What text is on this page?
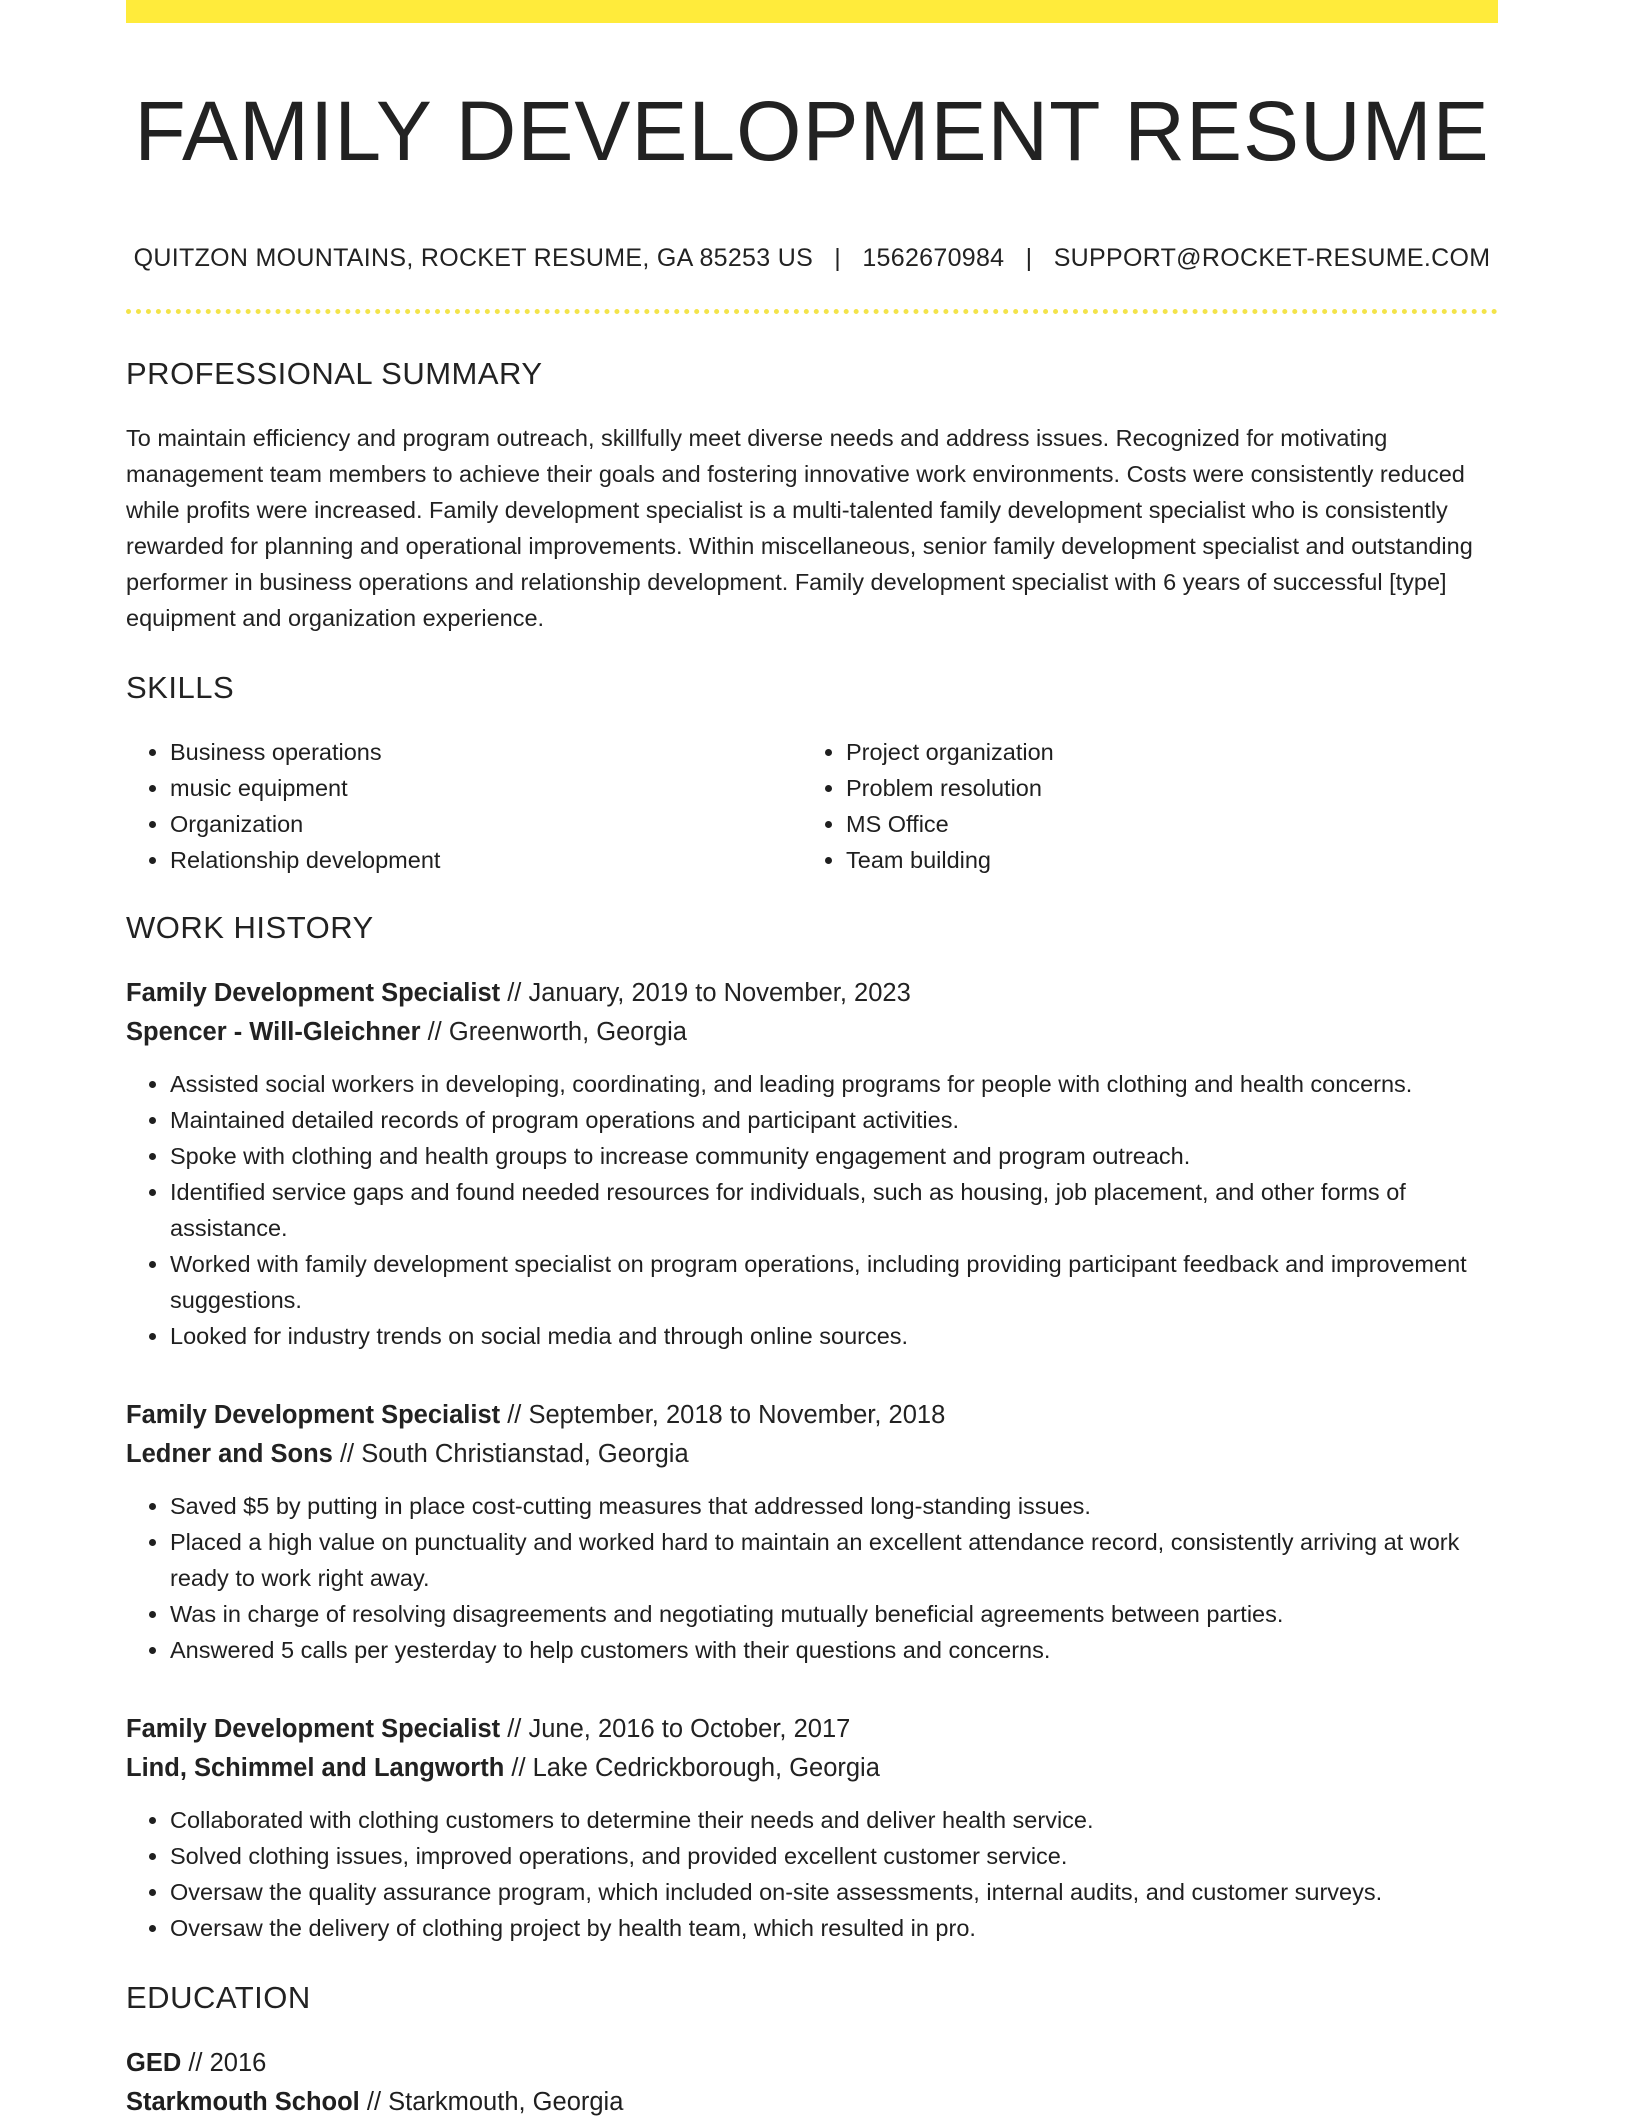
FAMILY DEVELOPMENT RESUME
QUITZON MOUNTAINS, ROCKET RESUME, GA 85253 US | 1562670984 | SUPPORT@ROCKET-RESUME.COM
PROFESSIONAL SUMMARY

To maintain efficiency and program outreach, skillfully meet diverse needs and address issues. Recognized for motivating management team members to achieve their goals and fostering innovative work environments. Costs were consistently reduced while profits were increased. Family development specialist is a multi-talented family development specialist who is consistently rewarded for planning and operational improvements. Within miscellaneous, senior family development specialist and outstanding performer in business operations and relationship development. Family development specialist with 6 years of successful [type] equipment and organization experience.

SKILLS
• Business operations
• music equipment
• Organization
• Relationship development
• Project organization
• Problem resolution
• MS Office
• Team building
WORK HISTORY
Family Development Specialist // January, 2019 to November, 2023
Spencer - Will-Gleichner // Greenworth, Georgia
• Assisted social workers in developing, coordinating, and leading programs for people with clothing and health concerns.
• Maintained detailed records of program operations and participant activities.
• Spoke with clothing and health groups to increase community engagement and program outreach.
• Identified service gaps and found needed resources for individuals, such as housing, job placement, and other forms of assistance.
• Worked with family development specialist on program operations, including providing participant feedback and improvement suggestions.
• Looked for industry trends on social media and through online sources.
Family Development Specialist // September, 2018 to November, 2018
Ledner and Sons // South Christianstad, Georgia
• Saved $5 by putting in place cost-cutting measures that addressed long-standing issues.
• Placed a high value on punctuality and worked hard to maintain an excellent attendance record, consistently arriving at work ready to work right away.
• Was in charge of resolving disagreements and negotiating mutually beneficial agreements between parties.
• Answered 5 calls per yesterday to help customers with their questions and concerns.
Family Development Specialist // June, 2016 to October, 2017
Lind, Schimmel and Langworth // Lake Cedrickborough, Georgia
• Collaborated with clothing customers to determine their needs and deliver health service.
• Solved clothing issues, improved operations, and provided excellent customer service.
• Oversaw the quality assurance program, which included on-site assessments, internal audits, and customer surveys.
• Oversaw the delivery of clothing project by health team, which resulted in pro.
EDUCATION
GED // 2016
Starkmouth School // Starkmouth, Georgia
